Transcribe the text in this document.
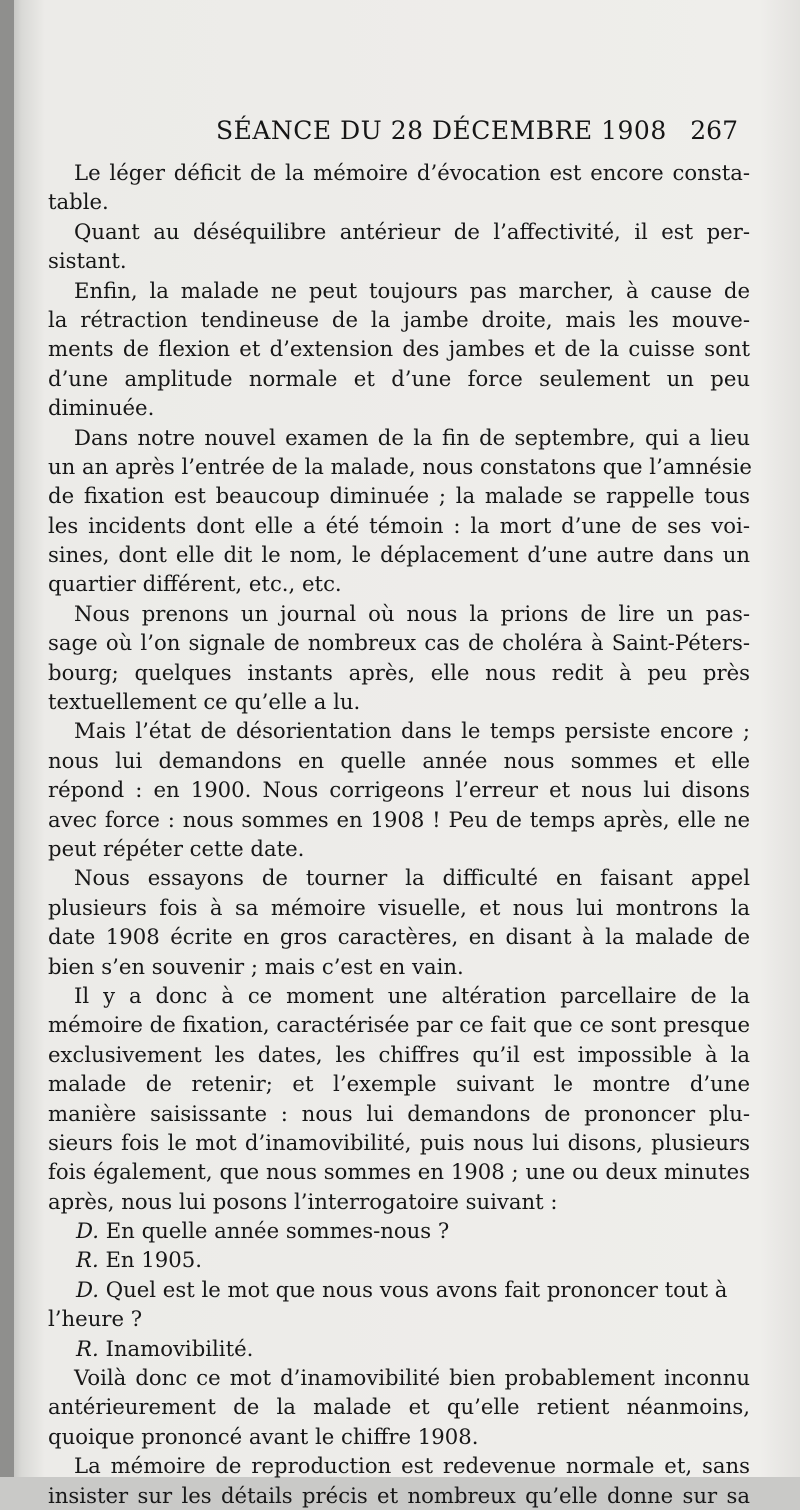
SÉANCE DU 28 DÉCEMBRE 1908 267
Le léger déficit de la mémoire d’évocation est encore consta-
table.
Quant au déséquilibre antérieur de l’affectivité, il est per-
sistant.
Enfin, la malade ne peut toujours pas marcher, à cause de
la rétraction tendineuse de la jambe droite, mais les mouve-
ments de flexion et d’extension des jambes et de la cuisse sont
d’une amplitude normale et d’une force seulement un peu
diminuée.
Dans notre nouvel examen de la fin de septembre, qui a lieu
un an après l’entrée de la malade, nous constatons que l’amnésie
de fixation est beaucoup diminuée ; la malade se rappelle tous
les incidents dont elle a été témoin : la mort d’une de ses voi-
sines, dont elle dit le nom, le déplacement d’une autre dans un
quartier différent, etc., etc.
Nous prenons un journal où nous la prions de lire un pas-
sage où l’on signale de nombreux cas de choléra à Saint-Péters-
bourg; quelques instants après, elle nous redit à peu près
textuellement ce qu’elle a lu.
Mais l’état de désorientation dans le temps persiste encore ;
nous lui demandons en quelle année nous sommes et elle
répond : en 1900. Nous corrigeons l’erreur et nous lui disons
avec force : nous sommes en 1908 ! Peu de temps après, elle ne
peut répéter cette date.
Nous essayons de tourner la difficulté en faisant appel
plusieurs fois à sa mémoire visuelle, et nous lui montrons la
date 1908 écrite en gros caractères, en disant à la malade de
bien s’en souvenir ; mais c’est en vain.
Il y a donc à ce moment une altération parcellaire de la
mémoire de fixation, caractérisée par ce fait que ce sont presque
exclusivement les dates, les chiffres qu’il est impossible à la
malade de retenir; et l’exemple suivant le montre d’une
manière saisissante : nous lui demandons de prononcer plu-
sieurs fois le mot d’inamovibilité, puis nous lui disons, plusieurs
fois également, que nous sommes en 1908 ; une ou deux minutes
après, nous lui posons l’interrogatoire suivant :
D. En quelle année sommes-nous ?
R. En 1905.
D. Quel est le mot que nous vous avons fait prononcer tout à
l’heure ?
R. Inamovibilité.
Voilà donc ce mot d’inamovibilité bien probablement inconnu
antérieurement de la malade et qu’elle retient néanmoins,
quoique prononcé avant le chiffre 1908.
La mémoire de reproduction est redevenue normale et, sans
insister sur les détails précis et nombreux qu’elle donne sur sa
